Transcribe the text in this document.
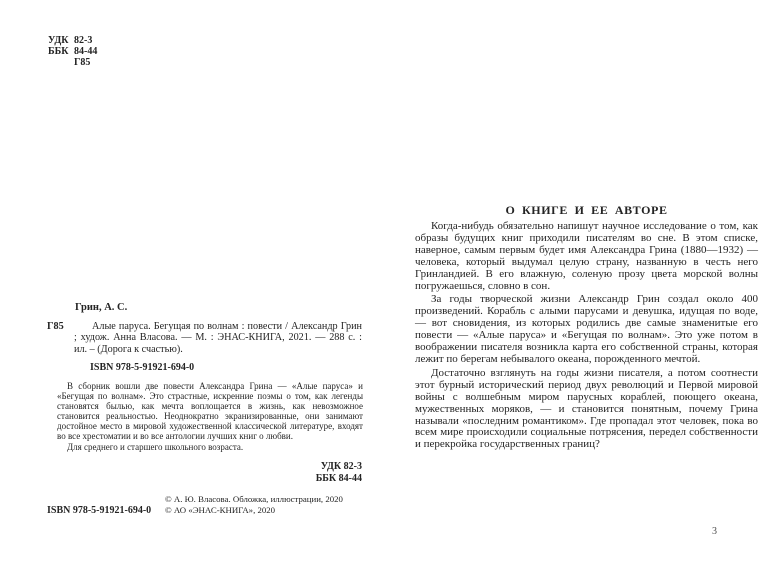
УДК 82-3
ББК 84-44
Г85
Грин, А. С.
Г85	Алые паруса. Бегущая по волнам : повести / Александр Грин ; худож. Анна Власова. — М. : ЭНАС-КНИГА, 2021. — 288 с. : ил. – (Дорога к счастью).

ISBN 978-5-91921-694-0

В сборник вошли две повести Александра Грина — «Алые паруса» и «Бегущая по волнам». Это страстные, искренние поэмы о том, как легенды становятся былью, как мечта воплощается в жизнь, как невозможное становится реальностью. Неоднократно экранизированные, они занимают достойное место в мировой художественной классической литературе, входят во все хрестоматии и во все антологии лучших книг о любви.

Для среднего и старшего школьного возраста.

УДК 82-3
ББК 84-44
ISBN 978-5-91921-694-0
© А. Ю. Власова. Обложка, иллюстрации, 2020
© АО «ЭНАС-КНИГА», 2020
О КНИГЕ И ЕЕ АВТОРЕ

Когда-нибудь обязательно напишут научное исследование о том, как образы будущих книг приходили писателям во сне. В этом списке, наверное, самым первым будет имя Александра Грина (1880—1932) — человека, который выдумал целую страну, названную в честь него Гринландией. В его влажную, соленую прозу цвета морской волны погружаешься, словно в сон.

За годы творческой жизни Александр Грин создал около 400 произведений. Корабль с алыми парусами и девушка, идущая по воде, — вот сновидения, из которых родились две самые знаменитые его повести — «Алые паруса» и «Бегущая по волнам». Это уже потом в воображении писателя возникла карта его собственной страны, которая лежит по берегам небывалого океана, порожденного мечтой.

Достаточно взглянуть на годы жизни писателя, а потом соотнести этот бурный исторический период двух революций и Первой мировой войны с волшебным миром парусных кораблей, поющего океана, мужественных моряков, — и становится понятным, почему Грина называли «последним романтиком». Где пропадал этот человек, пока во всем мире происходили социальные потрясения, передел собственности и перекройка государственных границ?

3
